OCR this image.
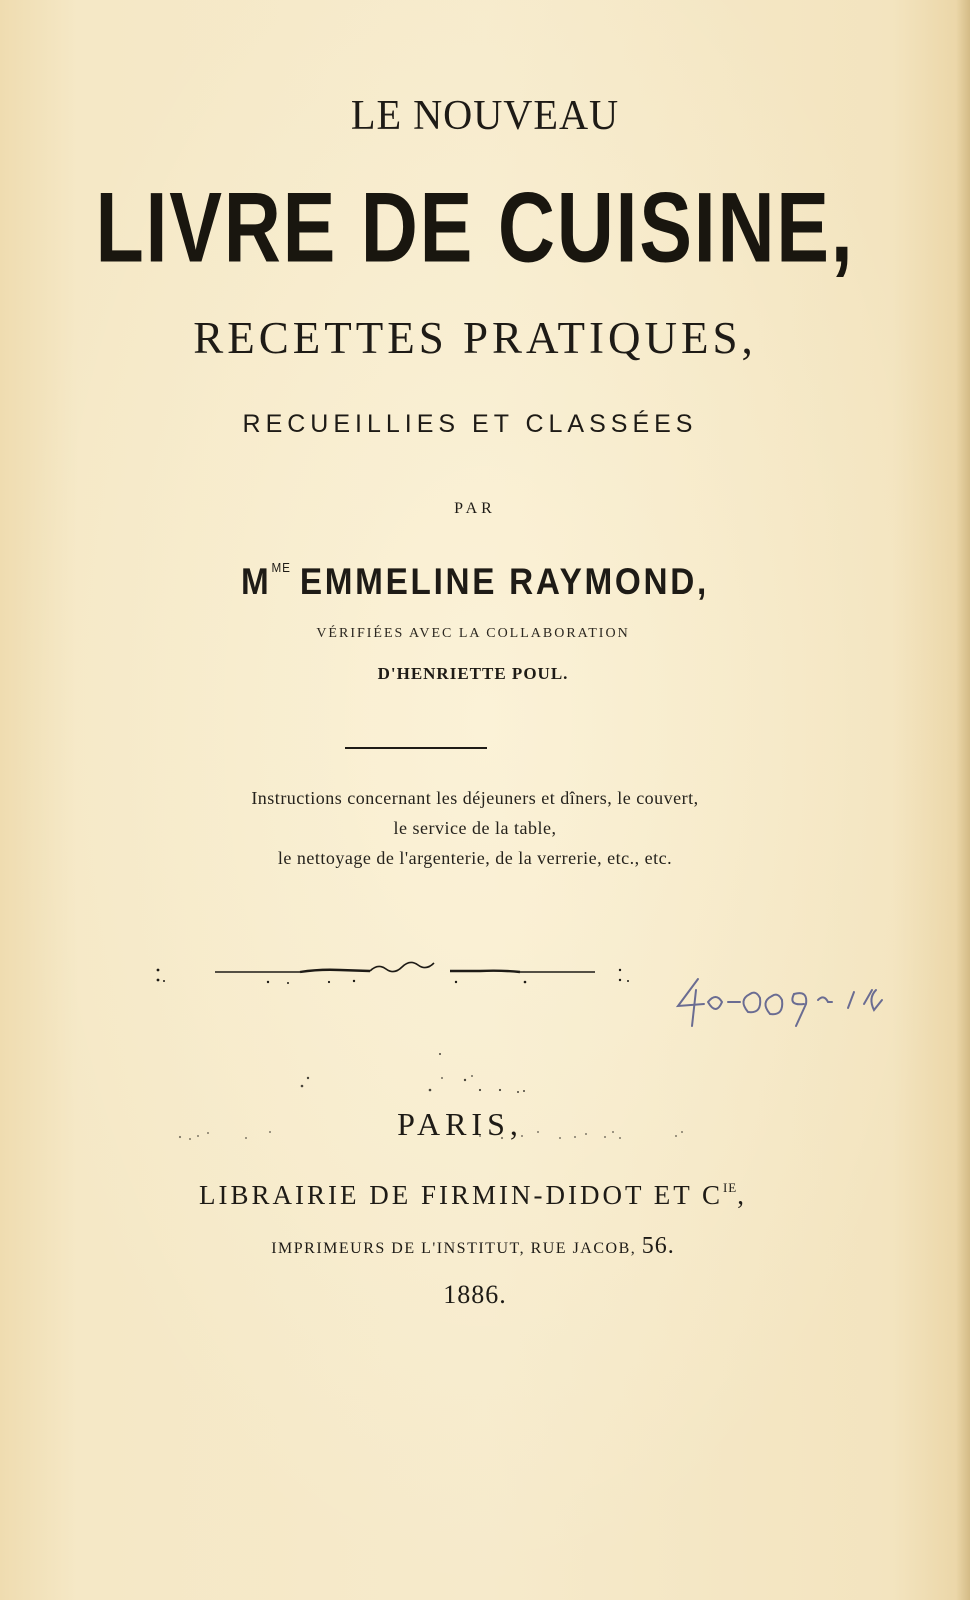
LE NOUVEAU
LIVRE DE CUISINE,
RECETTES PRATIQUES,
RECUEILLIES ET CLASSÉES
PAR
$M^{ME}$ EMMELINE RAYMOND,
VÉRIFIÉES AVEC LA COLLABORATION
D'HENRIETTE POUL.
Instructions concernant les déjeuners et dîners, le couvert,
le service de la table,
le nettoyage de l'argenterie, de la verrerie, etc., etc.
PARIS,
LIBRAIRIE DE FIRMIN-DIDOT ET $C^{IE}$,
IMPRIMEURS DE L'INSTITUT, RUE JACOB, 56.
1886.
